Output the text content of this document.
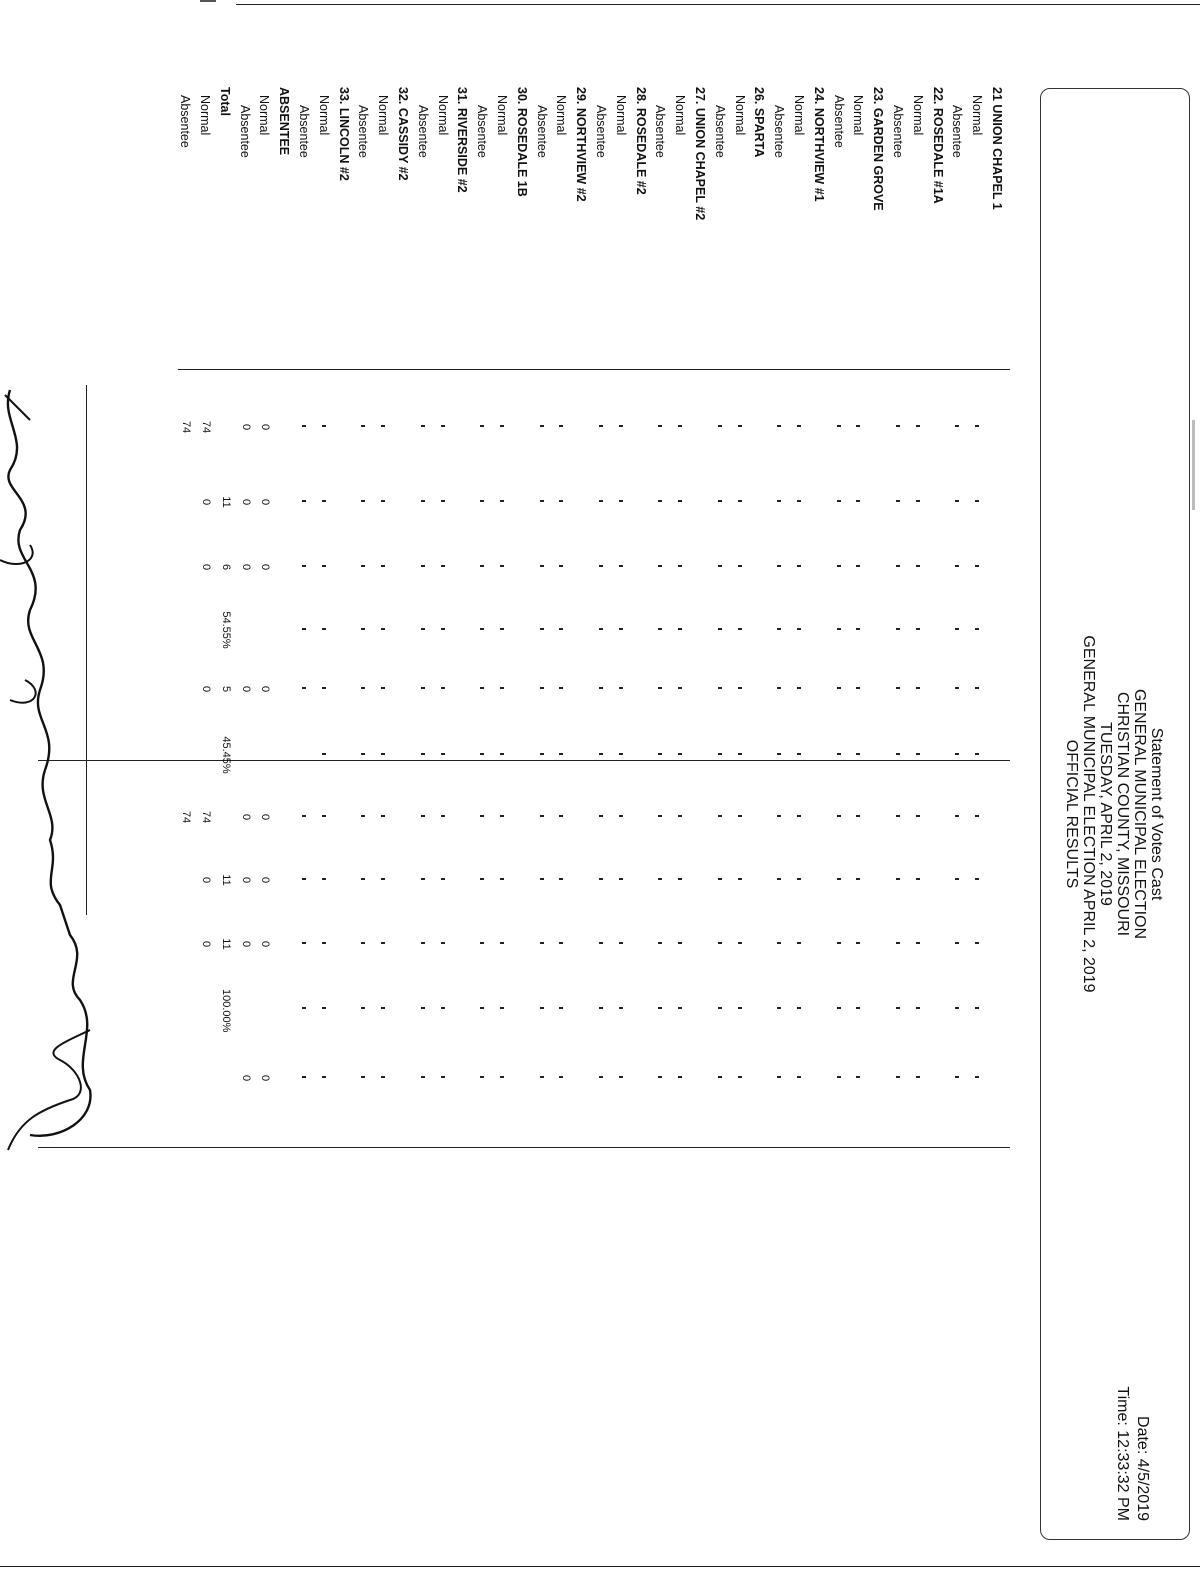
Statement of Votes Cast
GENERAL MUNICIPAL ELECTION
CHRISTIAN COUNTY, MISSOURI
TUESDAY, APRIL 2, 2019
GENERAL MUNICIPAL ELECTION APRIL 2, 2019
OFFICIAL RESULTS
Date: 4/5/2019
Time: 12:33:32 PM
21 UNION CHAPEL 1
Normal
Absentee
22. ROSEDALE #1A
Normal
Absentee
23. GARDEN GROVE
Normal
Absentee
24. NORTHVIEW #1
Normal
Absentee
26. SPARTA
Normal
Absentee
27. UNION CHAPEL #2
Normal
Absentee
28. ROSEDALE #2
Normal
Absentee
29. NORTHVIEW #2
Normal
Absentee
30. ROSEDALE 1B
Normal
Absentee
31. RIVERSIDE #2
Normal
Absentee
32. CASSIDY #2
Normal
Absentee
33. LINCOLN #2
Normal
Absentee
ABSENTEE
Normal
Absentee
Total
Normal
Absentee
0
0
0
0
0
0
0
0
0
0
0
0
0
0
0
0
11
6
54.55%
5
45.45%
11
11
100.00%
74
0
0
0
74
0
0
74
74
